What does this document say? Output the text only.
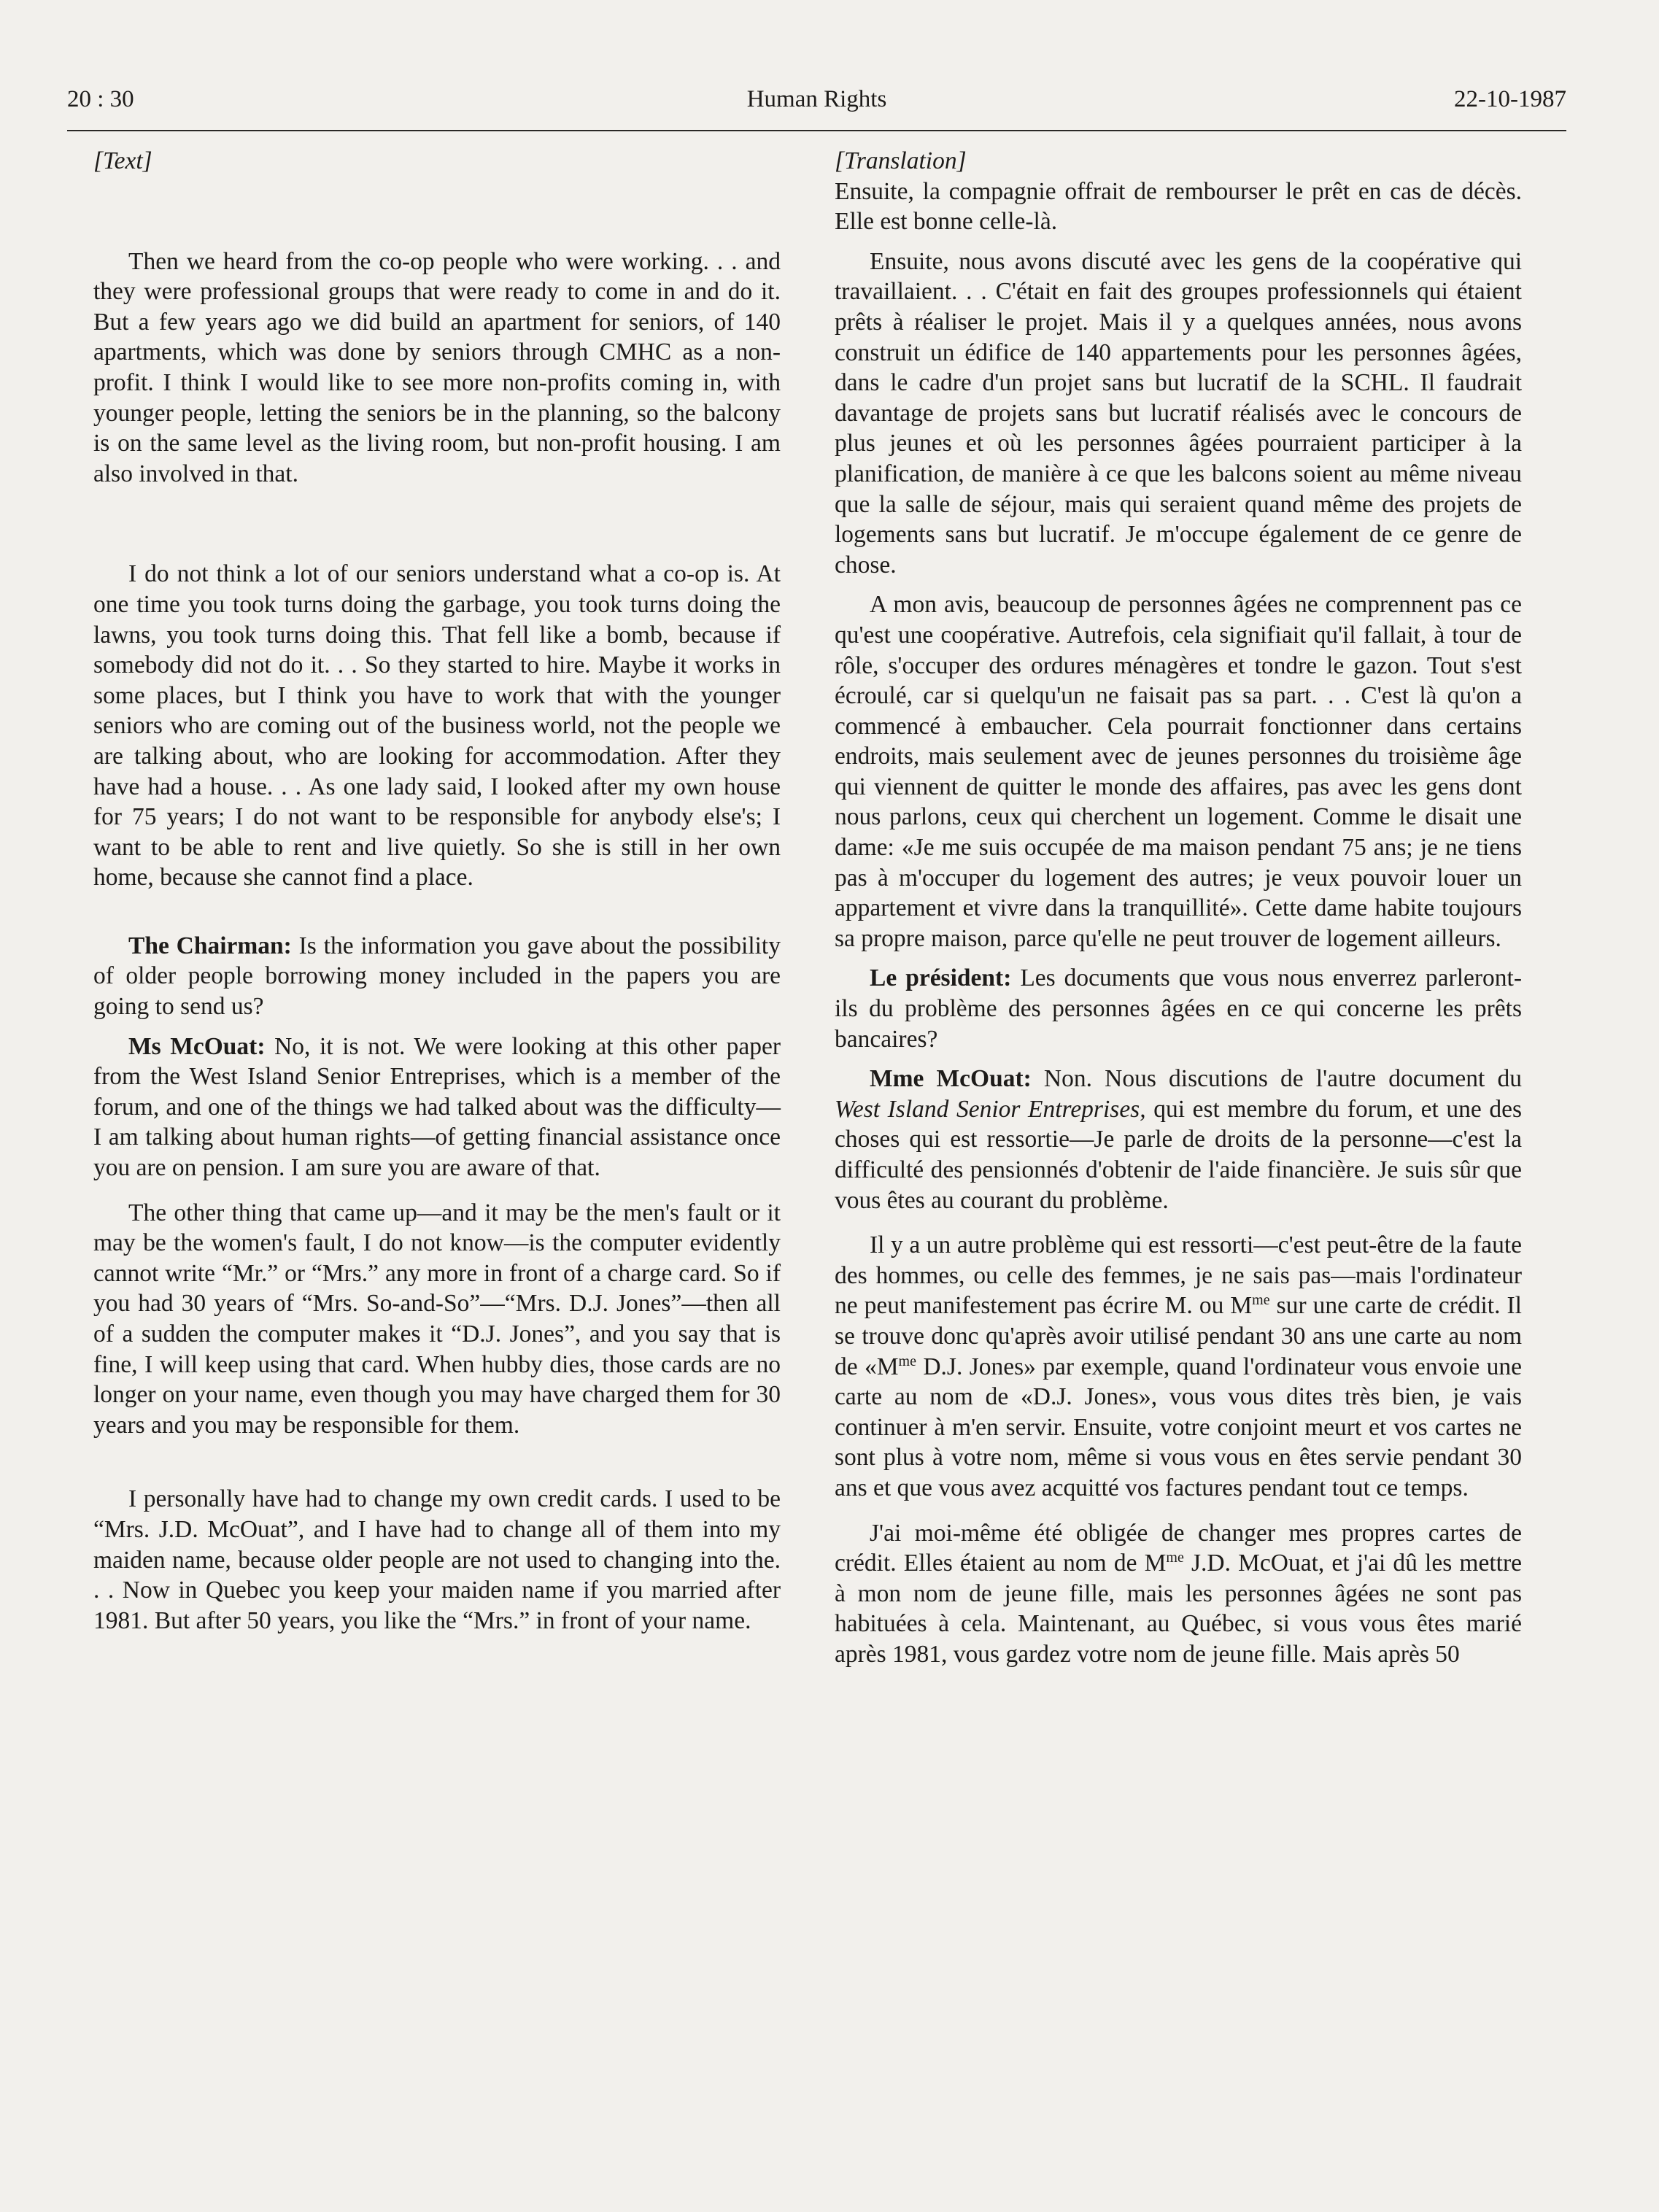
20 : 30	Human Rights	22-10-1987

[Text]

Then we heard from the co-op people who were working. . . and they were professional groups that were ready to come in and do it. But a few years ago we did build an apartment for seniors, of 140 apartments, which was done by seniors through CMHC as a non-profit. I think I would like to see more non-profits coming in, with younger people, letting the seniors be in the planning, so the balcony is on the same level as the living room, but non-profit housing. I am also involved in that.

I do not think a lot of our seniors understand what a co-op is. At one time you took turns doing the garbage, you took turns doing the lawns, you took turns doing this. That fell like a bomb, because if somebody did not do it. . . So they started to hire. Maybe it works in some places, but I think you have to work that with the younger seniors who are coming out of the business world, not the people we are talking about, who are looking for accommodation. After they have had a house. . . As one lady said, I looked after my own house for 75 years; I do not want to be responsible for anybody else's; I want to be able to rent and live quietly. So she is still in her own home, because she cannot find a place.

The Chairman: Is the information you gave about the possibility of older people borrowing money included in the papers you are going to send us?

Ms McOuat: No, it is not. We were looking at this other paper from the West Island Senior Entreprises, which is a member of the forum, and one of the things we had talked about was the difficulty—I am talking about human rights—of getting financial assistance once you are on pension. I am sure you are aware of that.

The other thing that came up—and it may be the men's fault or it may be the women's fault, I do not know—is the computer evidently cannot write “Mr.” or “Mrs.” any more in front of a charge card. So if you had 30 years of “Mrs. So-and-So”—“Mrs. D.J. Jones”—then all of a sudden the computer makes it “D.J. Jones”, and you say that is fine, I will keep using that card. When hubby dies, those cards are no longer on your name, even though you may have charged them for 30 years and you may be responsible for them.

I personally have had to change my own credit cards. I used to be “Mrs. J.D. McOuat”, and I have had to change all of them into my maiden name, because older people are not used to changing into the. . . Now in Quebec you keep your maiden name if you married after 1981. But after 50 years, you like the “Mrs.” in front of your name.

[Translation]

Ensuite, la compagnie offrait de rembourser le prêt en cas de décès. Elle est bonne celle-là.

Ensuite, nous avons discuté avec les gens de la coopérative qui travaillaient. . . C'était en fait des groupes professionnels qui étaient prêts à réaliser le projet. Mais il y a quelques années, nous avons construit un édifice de 140 appartements pour les personnes âgées, dans le cadre d'un projet sans but lucratif de la SCHL. Il faudrait davantage de projets sans but lucratif réalisés avec le concours de plus jeunes et où les personnes âgées pourraient participer à la planification, de manière à ce que les balcons soient au même niveau que la salle de séjour, mais qui seraient quand même des projets de logements sans but lucratif. Je m'occupe également de ce genre de chose.

A mon avis, beaucoup de personnes âgées ne comprennent pas ce qu'est une coopérative. Autrefois, cela signifiait qu'il fallait, à tour de rôle, s'occuper des ordures ménagères et tondre le gazon. Tout s'est écroulé, car si quelqu'un ne faisait pas sa part. . . C'est là qu'on a commencé à embaucher. Cela pourrait fonctionner dans certains endroits, mais seulement avec de jeunes personnes du troisième âge qui viennent de quitter le monde des affaires, pas avec les gens dont nous parlons, ceux qui cherchent un logement. Comme le disait une dame: «Je me suis occupée de ma maison pendant 75 ans; je ne tiens pas à m'occuper du logement des autres; je veux pouvoir louer un appartement et vivre dans la tranquillité». Cette dame habite toujours sa propre maison, parce qu'elle ne peut trouver de logement ailleurs.

Le président: Les documents que vous nous enverrez parleront-ils du problème des personnes âgées en ce qui concerne les prêts bancaires?

Mme McOuat: Non. Nous discutions de l'autre document du West Island Senior Entreprises, qui est membre du forum, et une des choses qui est ressortie—Je parle de droits de la personne—c'est la difficulté des pensionnés d'obtenir de l'aide financière. Je suis sûr que vous êtes au courant du problème.

Il y a un autre problème qui est ressorti—c'est peut-être de la faute des hommes, ou celle des femmes, je ne sais pas—mais l'ordinateur ne peut manifestement pas écrire M. ou $M^{me}$ sur une carte de crédit. Il se trouve donc qu'après avoir utilisé pendant 30 ans une carte au nom de «$M^{me}$ D.J. Jones» par exemple, quand l'ordinateur vous envoie une carte au nom de «D.J. Jones», vous vous dites très bien, je vais continuer à m'en servir. Ensuite, votre conjoint meurt et vos cartes ne sont plus à votre nom, même si vous vous en êtes servie pendant 30 ans et que vous avez acquitté vos factures pendant tout ce temps.

J'ai moi-même été obligée de changer mes propres cartes de crédit. Elles étaient au nom de $M^{me}$ J.D. McOuat, et j'ai dû les mettre à mon nom de jeune fille, mais les personnes âgées ne sont pas habituées à cela. Maintenant, au Québec, si vous vous êtes marié après 1981, vous gardez votre nom de jeune fille. Mais après 50
